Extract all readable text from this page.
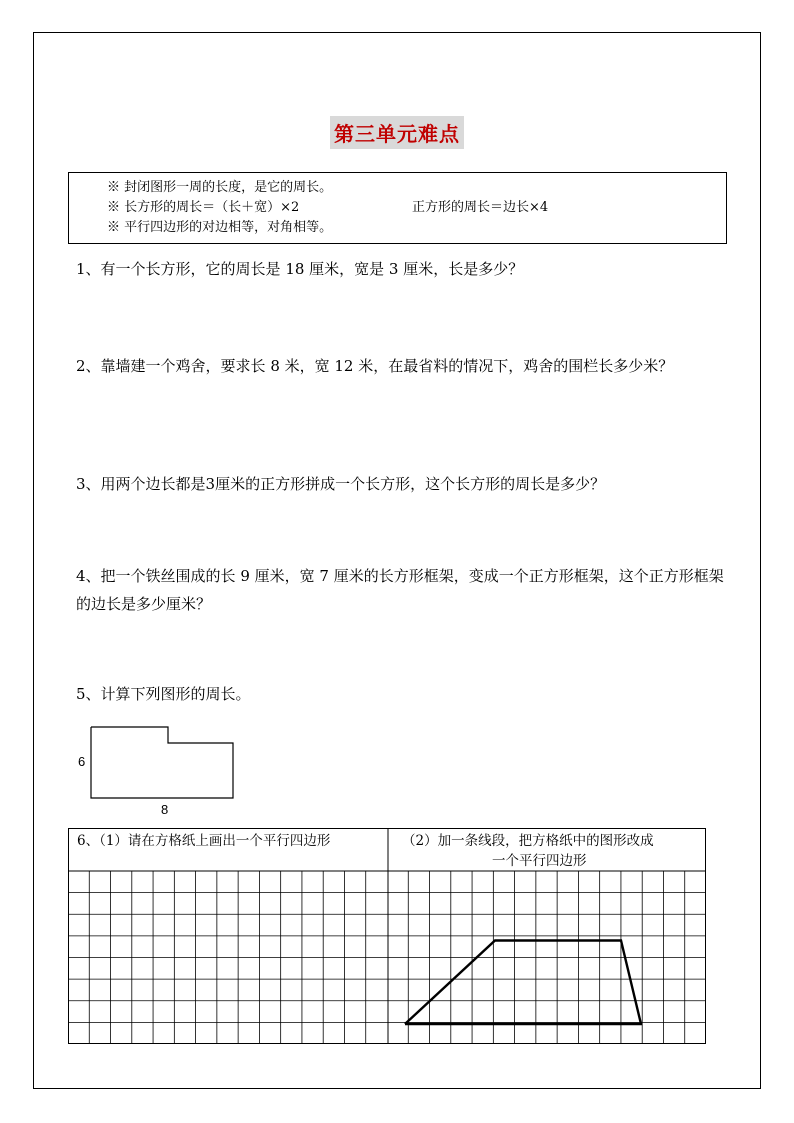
第三单元难点
※ 封闭图形一周的长度，是它的周长。
※ 长方形的周长＝（长＋宽）×2	正方形的周长＝边长×4
※ 平行四边形的对边相等，对角相等。
1、有一个长方形，它的周长是 18 厘米，宽是 3 厘米，长是多少？
2、靠墙建一个鸡舍，要求长 8 米，宽 12 米，在最省料的情况下，鸡舍的围栏长多少米？
3、用两个边长都是3厘米的正方形拼成一个长方形，这个长方形的周长是多少？
4、把一个铁丝围成的长 9 厘米，宽 7 厘米的长方形框架，变成一个正方形框架，这个正方形框架的边长是多少厘米？
5、计算下列图形的周长。
6
8
6、（1）请在方格纸上画出一个平行四边形	（2）加一条线段，把方格纸中的图形改成
一个平行四边形
